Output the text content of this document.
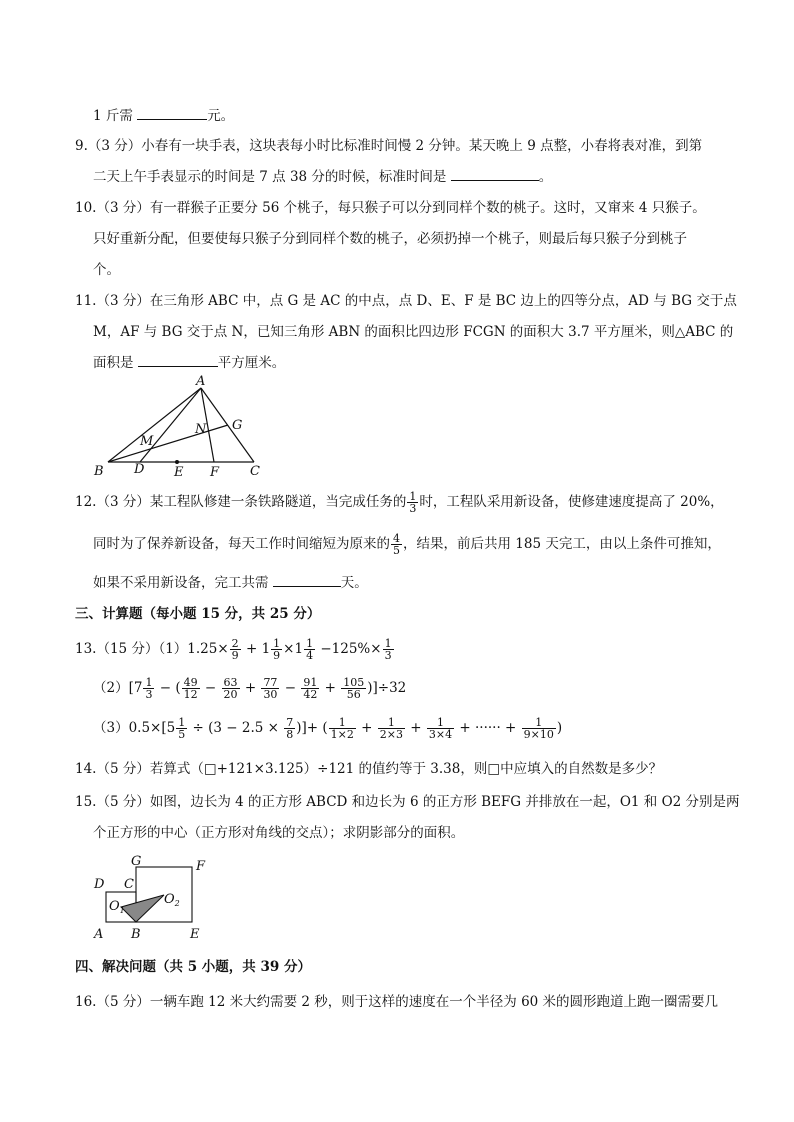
1 斤需	元。
9.（3 分）小春有一块手表，这块表每小时比标准时间慢 2 分钟。某天晚上 9 点整，小春将表对准，到第
二天上午手表显示的时间是 7 点 38 分的时候，标准时间是	。
10.（3 分）有一群猴子正要分 56 个桃子，每只猴子可以分到同样个数的桃子。这时，又窜来 4 只猴子。
只好重新分配，但要使每只猴子分到同样个数的桃子，必须扔掉一个桃子，则最后每只猴子分到桃子
个。
11.（3 分）在三角形 ABC 中，点 G 是 AC 的中点，点 D、E、F 是 BC 边上的四等分点，AD 与 BG 交于点
M，AF 与 BG 交于点 N，已知三角形 ABN 的面积比四边形 FCGN 的面积大 3.7 平方厘米，则△ABC 的
面积是	平方厘米。
A
B	C
D E F
G
M
N
12.（3 分）某工程队修建一条铁路隧道，当完成任务的 $\frac{1}{3}$ 时，工程队采用新设备，使修建速度提高了 20%，
同时为了保养新设备，每天工作时间缩短为原来的 $\frac{4}{5}$ ，结果，前后共用 185 天完工，由以上条件可推知，
如果不采用新设备，完工共需	天。
三、计算题（每小题 15 分，共 25 分）
13.（15 分）$(1)1.25\times \frac{2}{9} + 1 \frac{1}{9} \times 1 \frac{1}{4} -125\%\times \frac{1}{3}$
$(2)[7 \frac{1}{3}$ − ( $\frac{49}{12} - \frac{63}{20} + \frac{77}{30} - \frac{91}{42} + \frac{105}{56} )]\div 32$
$(3)0.5\times[5 \frac{1}{5} \div (3 - 2.5 \times \frac{7}{8}$ )]+ ( $\frac{1}{1\times 2} + \frac{1}{2\times 3} + \frac{1}{3\times 4}$ + ······ + $\frac{1}{9\times 10}$ )
14.（5 分）若算式（□+121×3.125）÷121 的值约等于 3.38，则□中应填入的自然数是多少？
15.（5 分）如图，边长为 4 的正方形 ABCD 和边长为 6 的正方形 BEFG 并排放在一起，O1 和 O2 分别是两
个正方形的中心（正方形对角线的交点）；求阴影部分的面积。
G	F
D C
A B	E
$O_1$
$O_2$
四、解决问题（共 5 小题，共 39 分）
16.（5 分）一辆车跑 12 米大约需要 2 秒，则于这样的速度在一个半径为 60 米的圆形跑道上跑一圈需要几
